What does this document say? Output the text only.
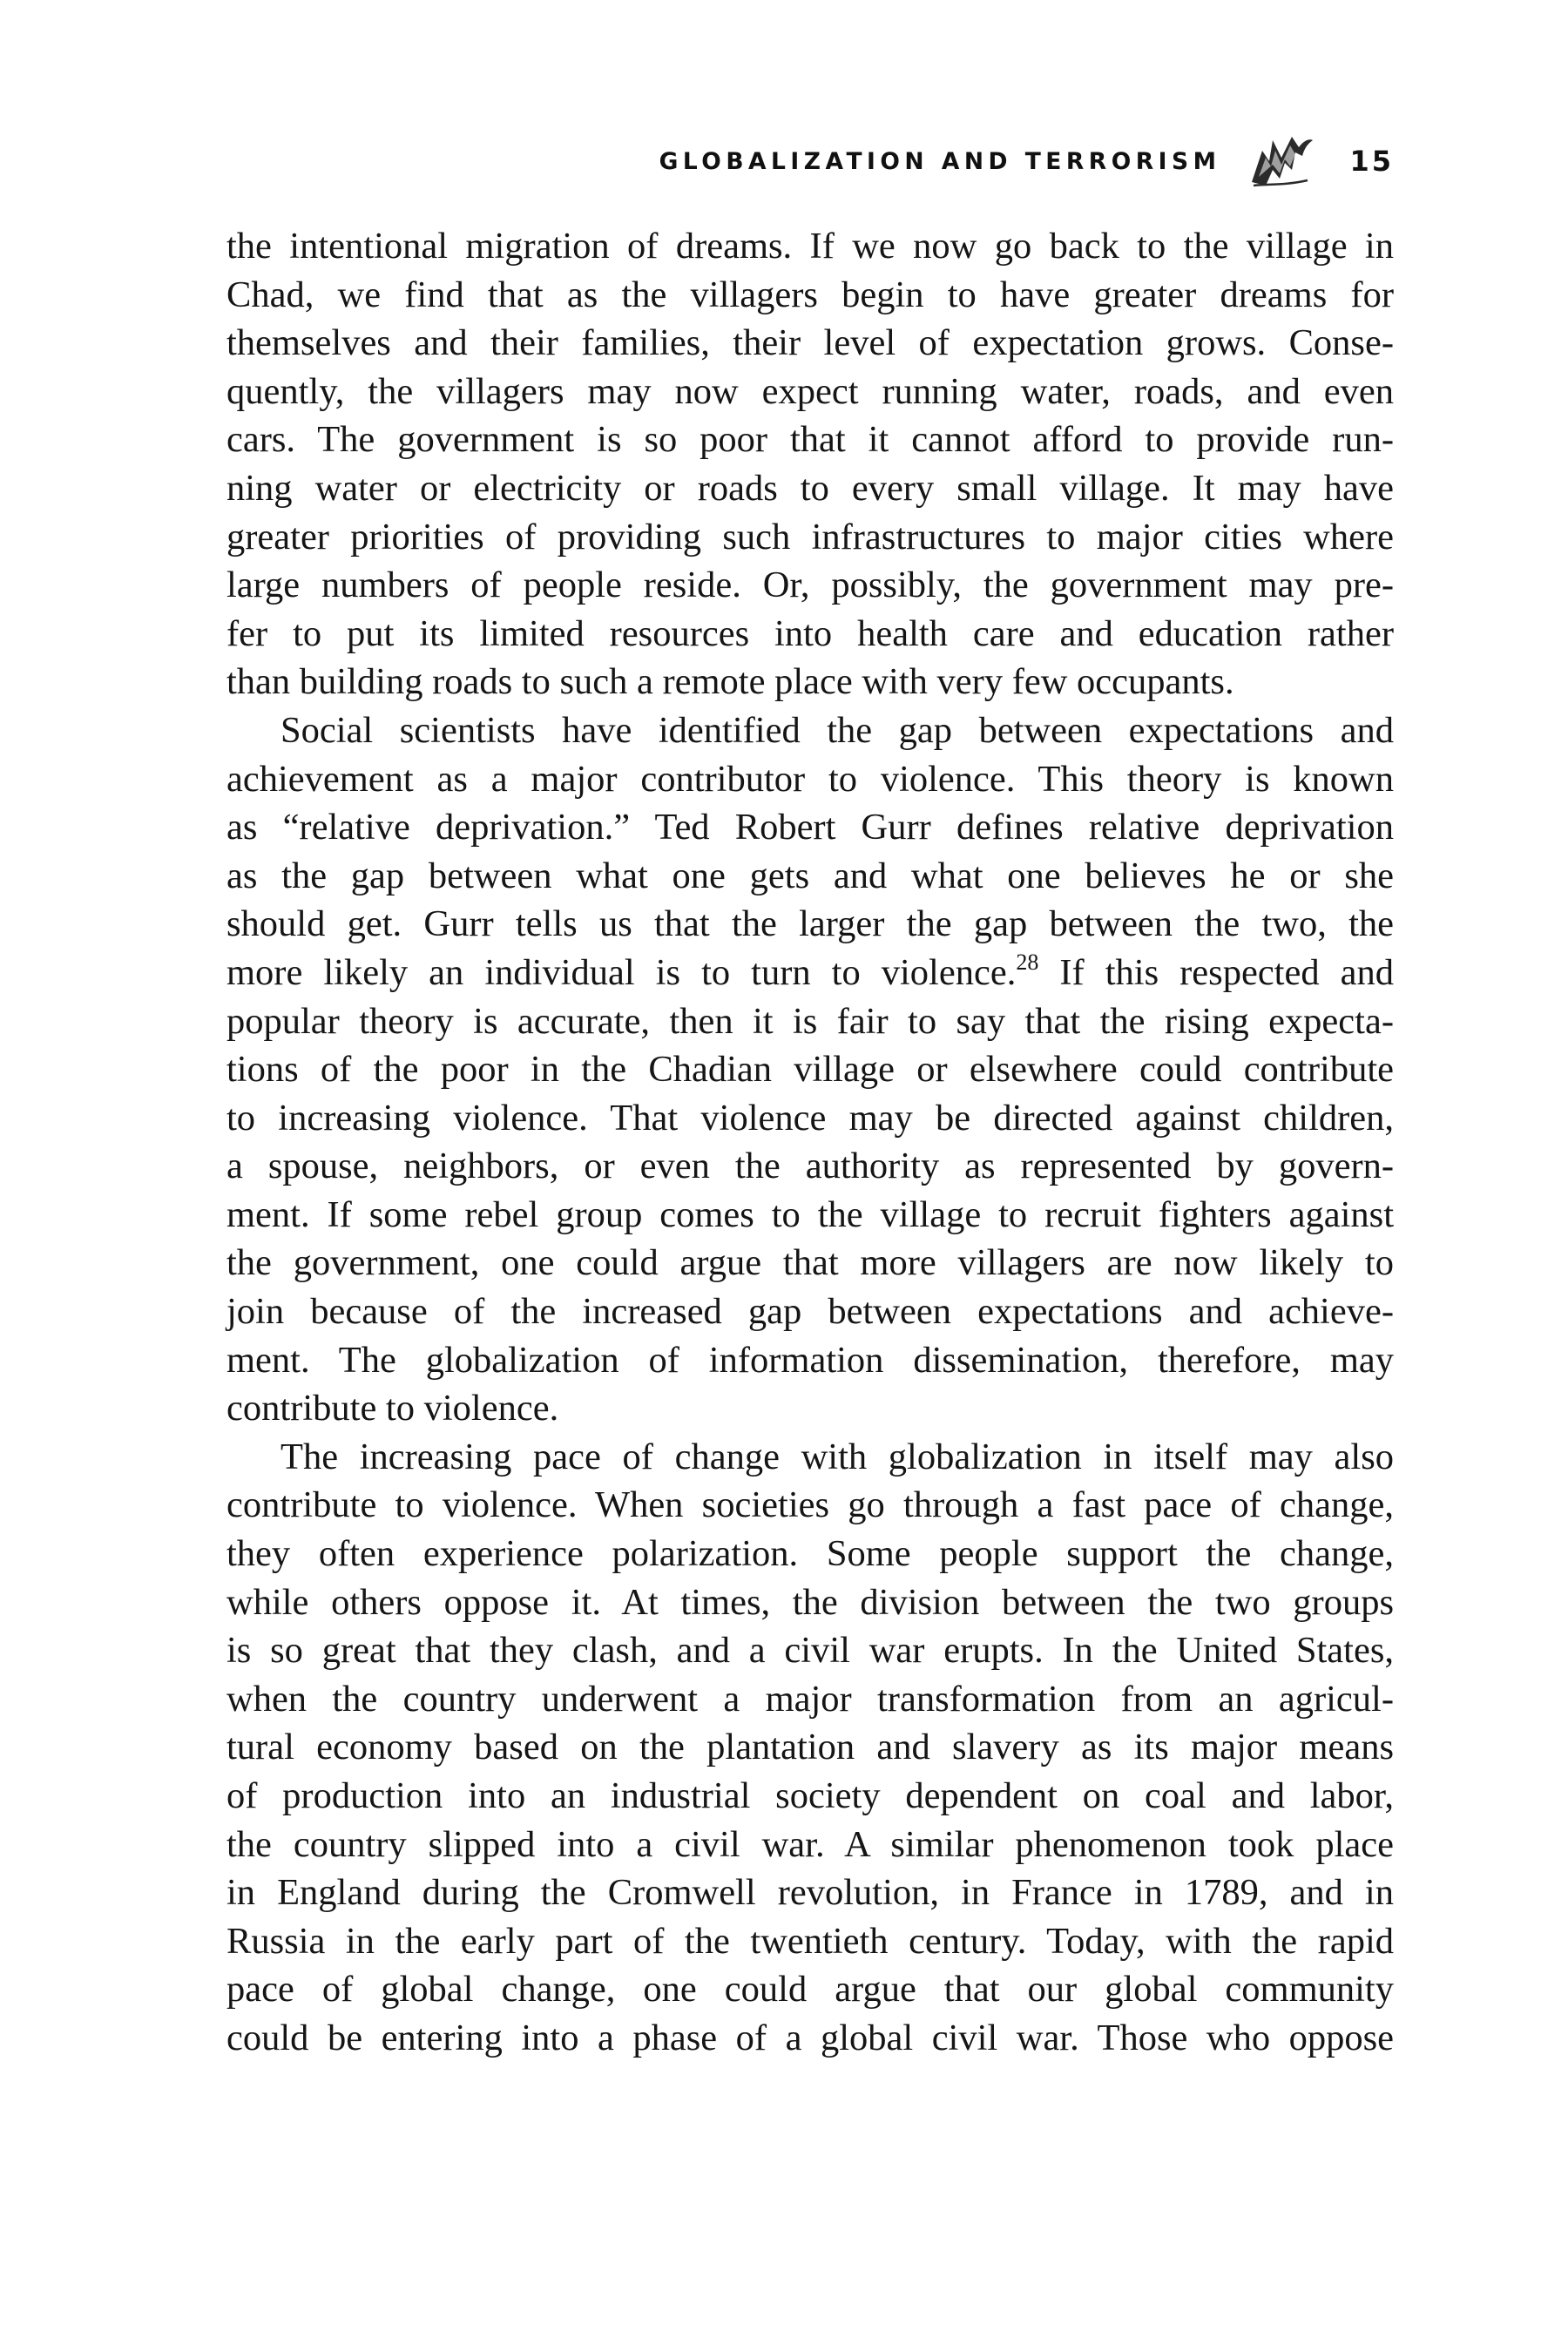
GLOBALIZATION AND TERRORISM	15

the intentional migration of dreams. If we now go back to the village in
Chad, we find that as the villagers begin to have greater dreams for
themselves and their families, their level of expectation grows. Conse-
quently, the villagers may now expect running water, roads, and even
cars. The government is so poor that it cannot afford to provide run-
ning water or electricity or roads to every small village. It may have
greater priorities of providing such infrastructures to major cities where
large numbers of people reside. Or, possibly, the government may pre-
fer to put its limited resources into health care and education rather
than building roads to such a remote place with very few occupants.

Social scientists have identified the gap between expectations and
achievement as a major contributor to violence. This theory is known
as “relative deprivation.” Ted Robert Gurr defines relative deprivation
as the gap between what one gets and what one believes he or she
should get. Gurr tells us that the larger the gap between the two, the
more likely an individual is to turn to violence.$^{28}$ If this respected and
popular theory is accurate, then it is fair to say that the rising expecta-
tions of the poor in the Chadian village or elsewhere could contribute
to increasing violence. That violence may be directed against children,
a spouse, neighbors, or even the authority as represented by govern-
ment. If some rebel group comes to the village to recruit fighters against
the government, one could argue that more villagers are now likely to
join because of the increased gap between expectations and achieve-
ment. The globalization of information dissemination, therefore, may
contribute to violence.

The increasing pace of change with globalization in itself may also
contribute to violence. When societies go through a fast pace of change,
they often experience polarization. Some people support the change,
while others oppose it. At times, the division between the two groups
is so great that they clash, and a civil war erupts. In the United States,
when the country underwent a major transformation from an agricul-
tural economy based on the plantation and slavery as its major means
of production into an industrial society dependent on coal and labor,
the country slipped into a civil war. A similar phenomenon took place
in England during the Cromwell revolution, in France in 1789, and in
Russia in the early part of the twentieth century. Today, with the rapid
pace of global change, one could argue that our global community
could be entering into a phase of a global civil war. Those who oppose
